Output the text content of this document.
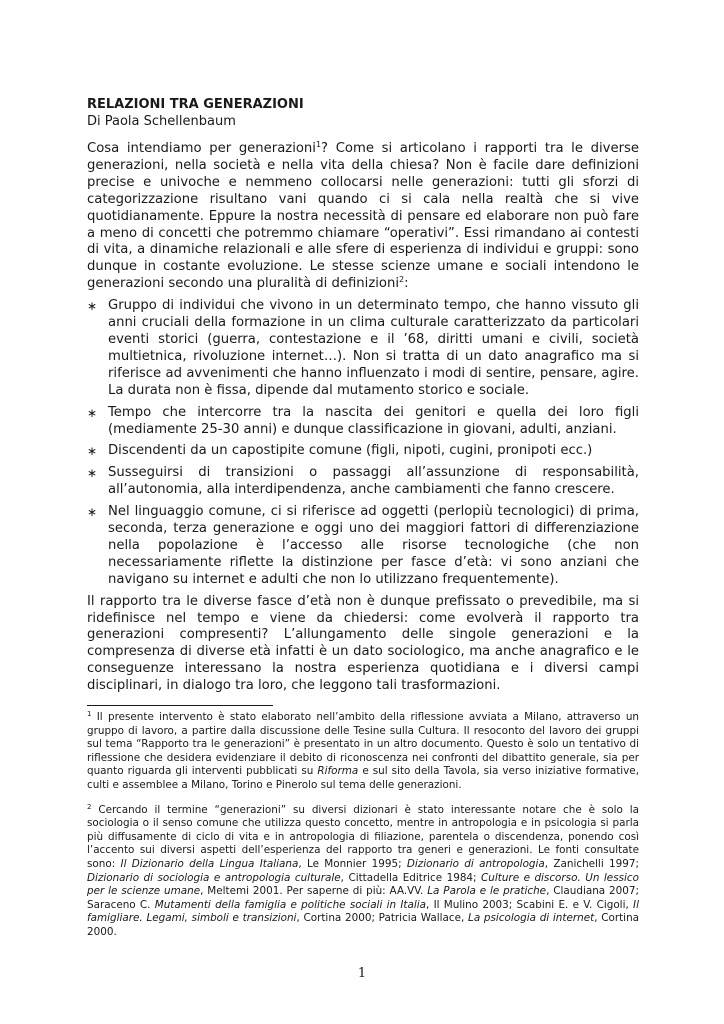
RELAZIONI TRA GENERAZIONI

Di Paola Schellenbaum

Cosa intendiamo per generazioni$^1$? Come si articolano i rapporti tra le diverse generazioni, nella società e nella vita della chiesa? Non è facile dare definizioni precise e univoche e nemmeno collocarsi nelle generazioni: tutti gli sforzi di categorizzazione risultano vani quando ci si cala nella realtà che si vive quotidianamente. Eppure la nostra necessità di pensare ed elaborare non può fare a meno di concetti che potremmo chiamare “operativi”. Essi rimandano ai contesti di vita, a dinamiche relazionali e alle sfere di esperienza di individui e gruppi: sono dunque in costante evoluzione. Le stesse scienze umane e sociali intendono le generazioni secondo una pluralità di definizioni$^2$:

∗ Gruppo di individui che vivono in un determinato tempo, che hanno vissuto gli anni cruciali della formazione in un clima culturale caratterizzato da particolari eventi storici (guerra, contestazione e il ’68, diritti umani e civili, società multietnica, rivoluzione internet…). Non si tratta di un dato anagrafico ma si riferisce ad avvenimenti che hanno influenzato i modi di sentire, pensare, agire. La durata non è fissa, dipende dal mutamento storico e sociale.
∗ Tempo che intercorre tra la nascita dei genitori e quella dei loro figli (mediamente 25-30 anni) e dunque classificazione in giovani, adulti, anziani.
∗ Discendenti da un capostipite comune (figli, nipoti, cugini, pronipoti ecc.)
∗ Susseguirsi di transizioni o passaggi all’assunzione di responsabilità, all’autonomia, alla interdipendenza, anche cambiamenti che fanno crescere.
∗ Nel linguaggio comune, ci si riferisce ad oggetti (perlopiù tecnologici) di prima, seconda, terza generazione e oggi uno dei maggiori fattori di differenziazione nella popolazione è l’accesso alle risorse tecnologiche (che non necessariamente riflette la distinzione per fasce d’età: vi sono anziani che navigano su internet e adulti che non lo utilizzano frequentemente).

Il rapporto tra le diverse fasce d’età non è dunque prefissato o prevedibile, ma si ridefinisce nel tempo e viene da chiedersi: come evolverà il rapporto tra generazioni compresenti? L’allungamento delle singole generazioni e la compresenza di diverse età infatti è un dato sociologico, ma anche anagrafico e le conseguenze interessano la nostra esperienza quotidiana e i diversi campi disciplinari, in dialogo tra loro, che leggono tali trasformazioni.

$^1$ Il presente intervento è stato elaborato nell’ambito della riflessione avviata a Milano, attraverso un gruppo di lavoro, a partire dalla discussione delle Tesine sulla Cultura. Il resoconto del lavoro dei gruppi sul tema “Rapporto tra le generazioni” è presentato in un altro documento. Questo è solo un tentativo di riflessione che desidera evidenziare il debito di riconoscenza nei confronti del dibattito generale, sia per quanto riguarda gli interventi pubblicati su Riforma e sul sito della Tavola, sia verso iniziative formative, culti e assemblee a Milano, Torino e Pinerolo sul tema delle generazioni.

$^2$ Cercando il termine “generazioni” su diversi dizionari è stato interessante notare che è solo la sociologia o il senso comune che utilizza questo concetto, mentre in antropologia e in psicologia si parla più diffusamente di ciclo di vita e in antropologia di filiazione, parentela o discendenza, ponendo così l’accento sui diversi aspetti dell’esperienza del rapporto tra generi e generazioni. Le fonti consultate sono: Il Dizionario della Lingua Italiana, Le Monnier 1995; Dizionario di antropologia, Zanichelli 1997; Dizionario di sociologia e antropologia culturale, Cittadella Editrice 1984; Culture e discorso. Un lessico per le scienze umane, Meltemi 2001. Per saperne di più: AA.VV. La Parola e le pratiche, Claudiana 2007; Saraceno C. Mutamenti della famiglia e politiche sociali in Italia, Il Mulino 2003; Scabini E. e V. Cigoli, Il famigliare. Legami, simboli e transizioni, Cortina 2000; Patricia Wallace, La psicologia di internet, Cortina 2000.

1
